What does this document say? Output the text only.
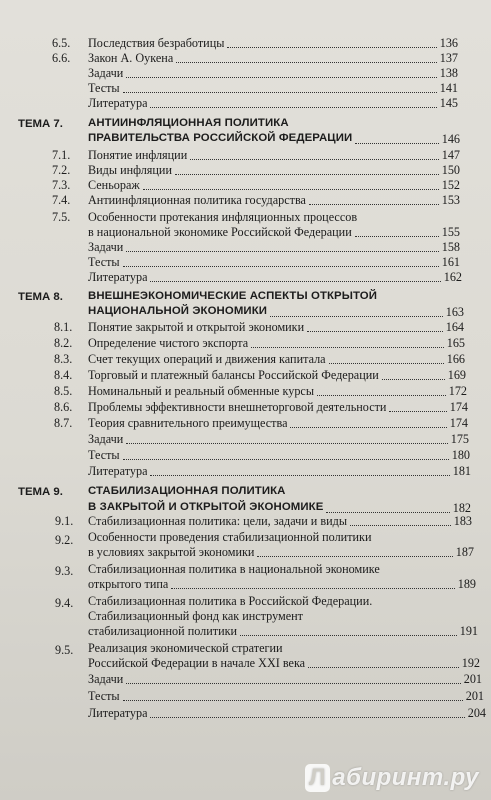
6.5. Последствия безработицы	136
6.6. Закон А. Оукена	137
Задачи	138
Тесты	141
Литература	145
ТЕМА 7. АНТИИНФЛЯЦИОННАЯ ПОЛИТИКА
ПРАВИТЕЛЬСТВА РОССИЙСКОЙ ФЕДЕРАЦИИ	146
7.1. Понятие инфляции	147
7.2. Виды инфляции	150
7.3. Сеньораж	152
7.4. Антиинфляционная политика государства	153
7.5. Особенности протекания инфляционных процессов
в национальной экономике Российской Федерации	155
Задачи	158
Тесты	161
Литература	162
ТЕМА 8. ВНЕШНЕЭКОНОМИЧЕСКИЕ АСПЕКТЫ ОТКРЫТОЙ
НАЦИОНАЛЬНОЙ ЭКОНОМИКИ	163
8.1. Понятие закрытой и открытой экономики	164
8.2. Определение чистого экспорта	165
8.3. Счет текущих операций и движения капитала	166
8.4. Торговый и платежный балансы Российской Федерации	169
8.5. Номинальный и реальный обменные курсы	172
8.6. Проблемы эффективности внешнеторговой деятельности	174
8.7. Теория сравнительного преимущества	174
Задачи	175
Тесты	180
Литература	181
ТЕМА 9. СТАБИЛИЗАЦИОННАЯ ПОЛИТИКА
В ЗАКРЫТОЙ И ОТКРЫТОЙ ЭКОНОМИКЕ	182
9.1. Стабилизационная политика: цели, задачи и виды	183
9.2. Особенности проведения стабилизационной политики
в условиях закрытой экономики	187
9.3. Стабилизационная политика в национальной экономике
открытого типа	189
9.4. Стабилизационная политика в Российской Федерации.
Стабилизационный фонд как инструмент
стабилизационной политики	191
9.5. Реализация экономической стратегии
Российской Федерации в начале XXI века	192
Задачи	201
Тесты	201
Литература	204
Л абиринт.ру
